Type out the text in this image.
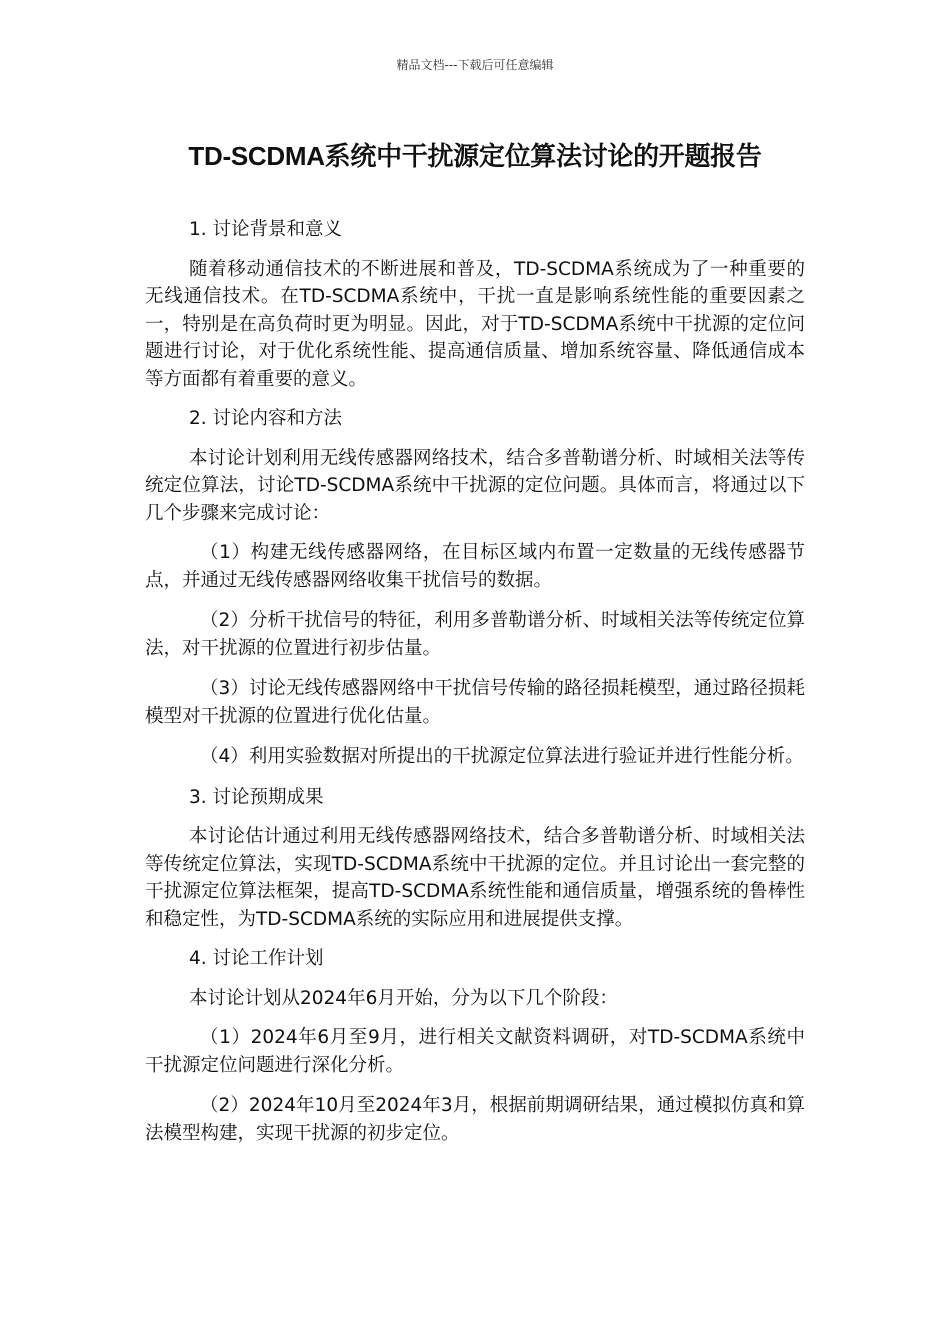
精品文档---下载后可任意编辑
TD-SCDMA系统中干扰源定位算法讨论的开题报告

1. 讨论背景和意义

随着移动通信技术的不断进展和普及，TD-SCDMA系统成为了一种重要的无线通信技术。在TD-SCDMA系统中，干扰一直是影响系统性能的重要因素之一，特别是在高负荷时更为明显。因此，对于TD-SCDMA系统中干扰源的定位问题进行讨论，对于优化系统性能、提高通信质量、增加系统容量、降低通信成本等方面都有着重要的意义。

2. 讨论内容和方法

本讨论计划利用无线传感器网络技术，结合多普勒谱分析、时域相关法等传统定位算法，讨论TD-SCDMA系统中干扰源的定位问题。具体而言，将通过以下几个步骤来完成讨论：

（1）构建无线传感器网络，在目标区域内布置一定数量的无线传感器节点，并通过无线传感器网络收集干扰信号的数据。

（2）分析干扰信号的特征，利用多普勒谱分析、时域相关法等传统定位算法，对干扰源的位置进行初步估量。

（3）讨论无线传感器网络中干扰信号传输的路径损耗模型，通过路径损耗模型对干扰源的位置进行优化估量。

（4）利用实验数据对所提出的干扰源定位算法进行验证并进行性能分析。

3. 讨论预期成果

本讨论估计通过利用无线传感器网络技术，结合多普勒谱分析、时域相关法等传统定位算法，实现TD-SCDMA系统中干扰源的定位。并且讨论出一套完整的干扰源定位算法框架，提高TD-SCDMA系统性能和通信质量，增强系统的鲁棒性和稳定性，为TD-SCDMA系统的实际应用和进展提供支撑。

4. 讨论工作计划

本讨论计划从2024年6月开始，分为以下几个阶段：

（1）2024年6月至9月，进行相关文献资料调研，对TD-SCDMA系统中干扰源定位问题进行深化分析。

（2）2024年10月至2024年3月，根据前期调研结果，通过模拟仿真和算法模型构建，实现干扰源的初步定位。
